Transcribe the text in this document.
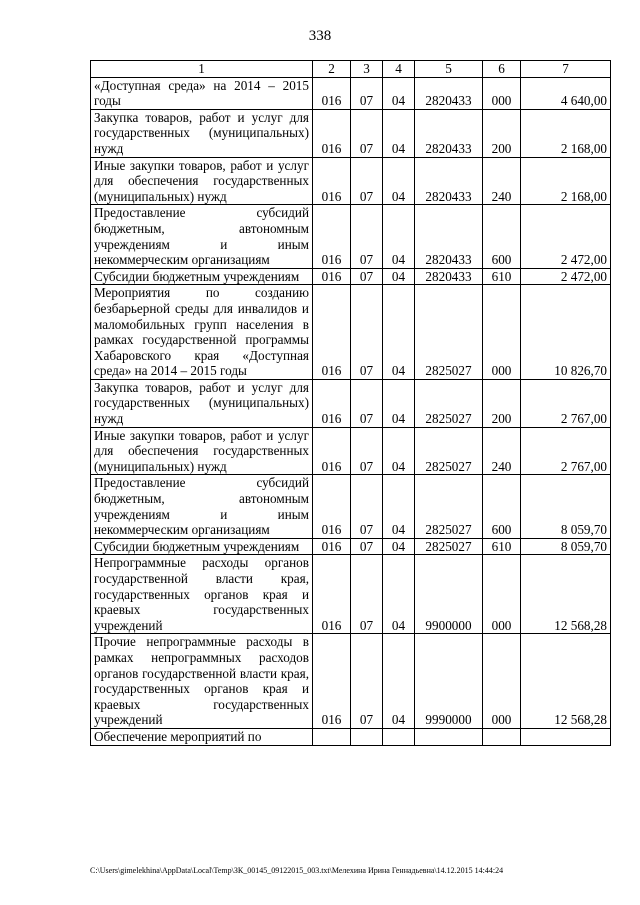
338
1	2	3	4	5	6	7
«Доступная среда» на 2014 – 2015 годы	016	07	04	2820433	000	4 640,00
Закупка товаров, работ и услуг для государственных (муниципальных) нужд	016	07	04	2820433	200	2 168,00
Иные закупки товаров, работ и услуг для обеспечения государственных (муниципальных) нужд	016	07	04	2820433	240	2 168,00
Предоставление субсидий бюджетным, автономным учреждениям и иным некоммерческим организациям	016	07	04	2820433	600	2 472,00
Субсидии бюджетным учреждениям	016	07	04	2820433	610	2 472,00
Мероприятия по созданию безбарьерной среды для инвалидов и маломобильных групп населения в рамках государственной программы Хабаровского края «Доступная среда» на 2014 – 2015 годы	016	07	04	2825027	000	10 826,70
Закупка товаров, работ и услуг для государственных (муниципальных) нужд	016	07	04	2825027	200	2 767,00
Иные закупки товаров, работ и услуг для обеспечения государственных (муниципальных) нужд	016	07	04	2825027	240	2 767,00
Предоставление субсидий бюджетным, автономным учреждениям и иным некоммерческим организациям	016	07	04	2825027	600	8 059,70
Субсидии бюджетным учреждениям	016	07	04	2825027	610	8 059,70
Непрограммные расходы органов государственной власти края, государственных органов края и краевых государственных учреждений	016	07	04	9900000	000	12 568,28
Прочие непрограммные расходы в рамках непрограммных расходов органов государственной власти края, государственных органов края и краевых государственных учреждений	016	07	04	9990000	000	12 568,28
Обеспечение мероприятий по						
C:\Users\gimelekhina\AppData\Local\Temp\ЗК_00145_09122015_003.txt\Мелехина Ирина Геннадьевна\14.12.2015 14:44:24
